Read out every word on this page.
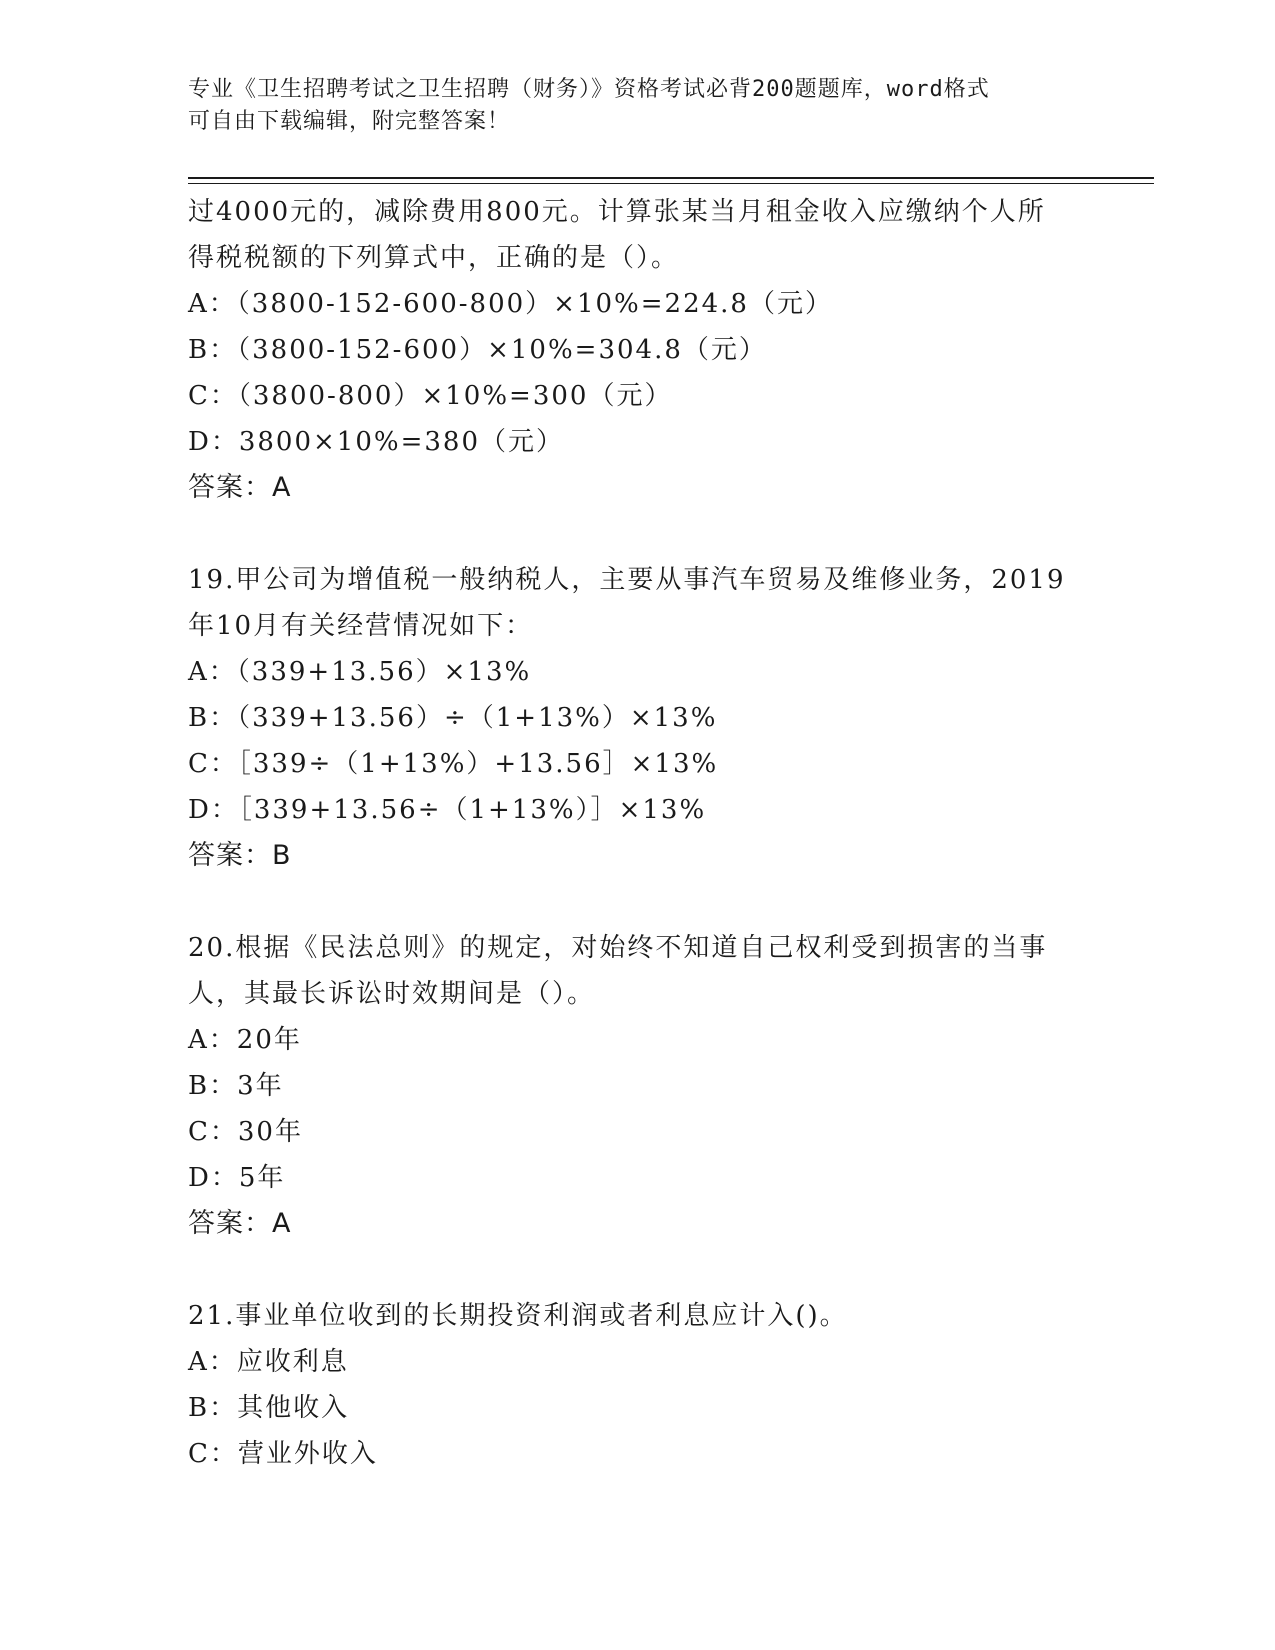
专业《卫生招聘考试之卫生招聘（财务）》资格考试必背200题题库，word格式
可自由下载编辑，附完整答案！
过4000元的，减除费用800元。计算张某当月租金收入应缴纳个人所
得税税额的下列算式中，正确的是（）。
A：（3800-152-600-800）×10%=224.8（元）
B：（3800-152-600）×10%=304.8（元）
C：（3800-800）×10%=300（元）
D：3800×10%=380（元）
答案：A
19.甲公司为增值税一般纳税人，主要从事汽车贸易及维修业务，2019
年10月有关经营情况如下：
A：（339+13.56）×13%
B：（339+13.56）÷（1+13%）×13%
C：［339÷（1+13%）+13.56］×13%
D：［339+13.56÷（1+13%）］×13%
答案：B
20.根据《民法总则》的规定，对始终不知道自己权利受到损害的当事
人，其最长诉讼时效期间是（）。
A：20年
B：3年
C：30年
D：5年
答案：A
21.事业单位收到的长期投资利润或者利息应计入()。
A：应收利息
B：其他收入
C：营业外收入
